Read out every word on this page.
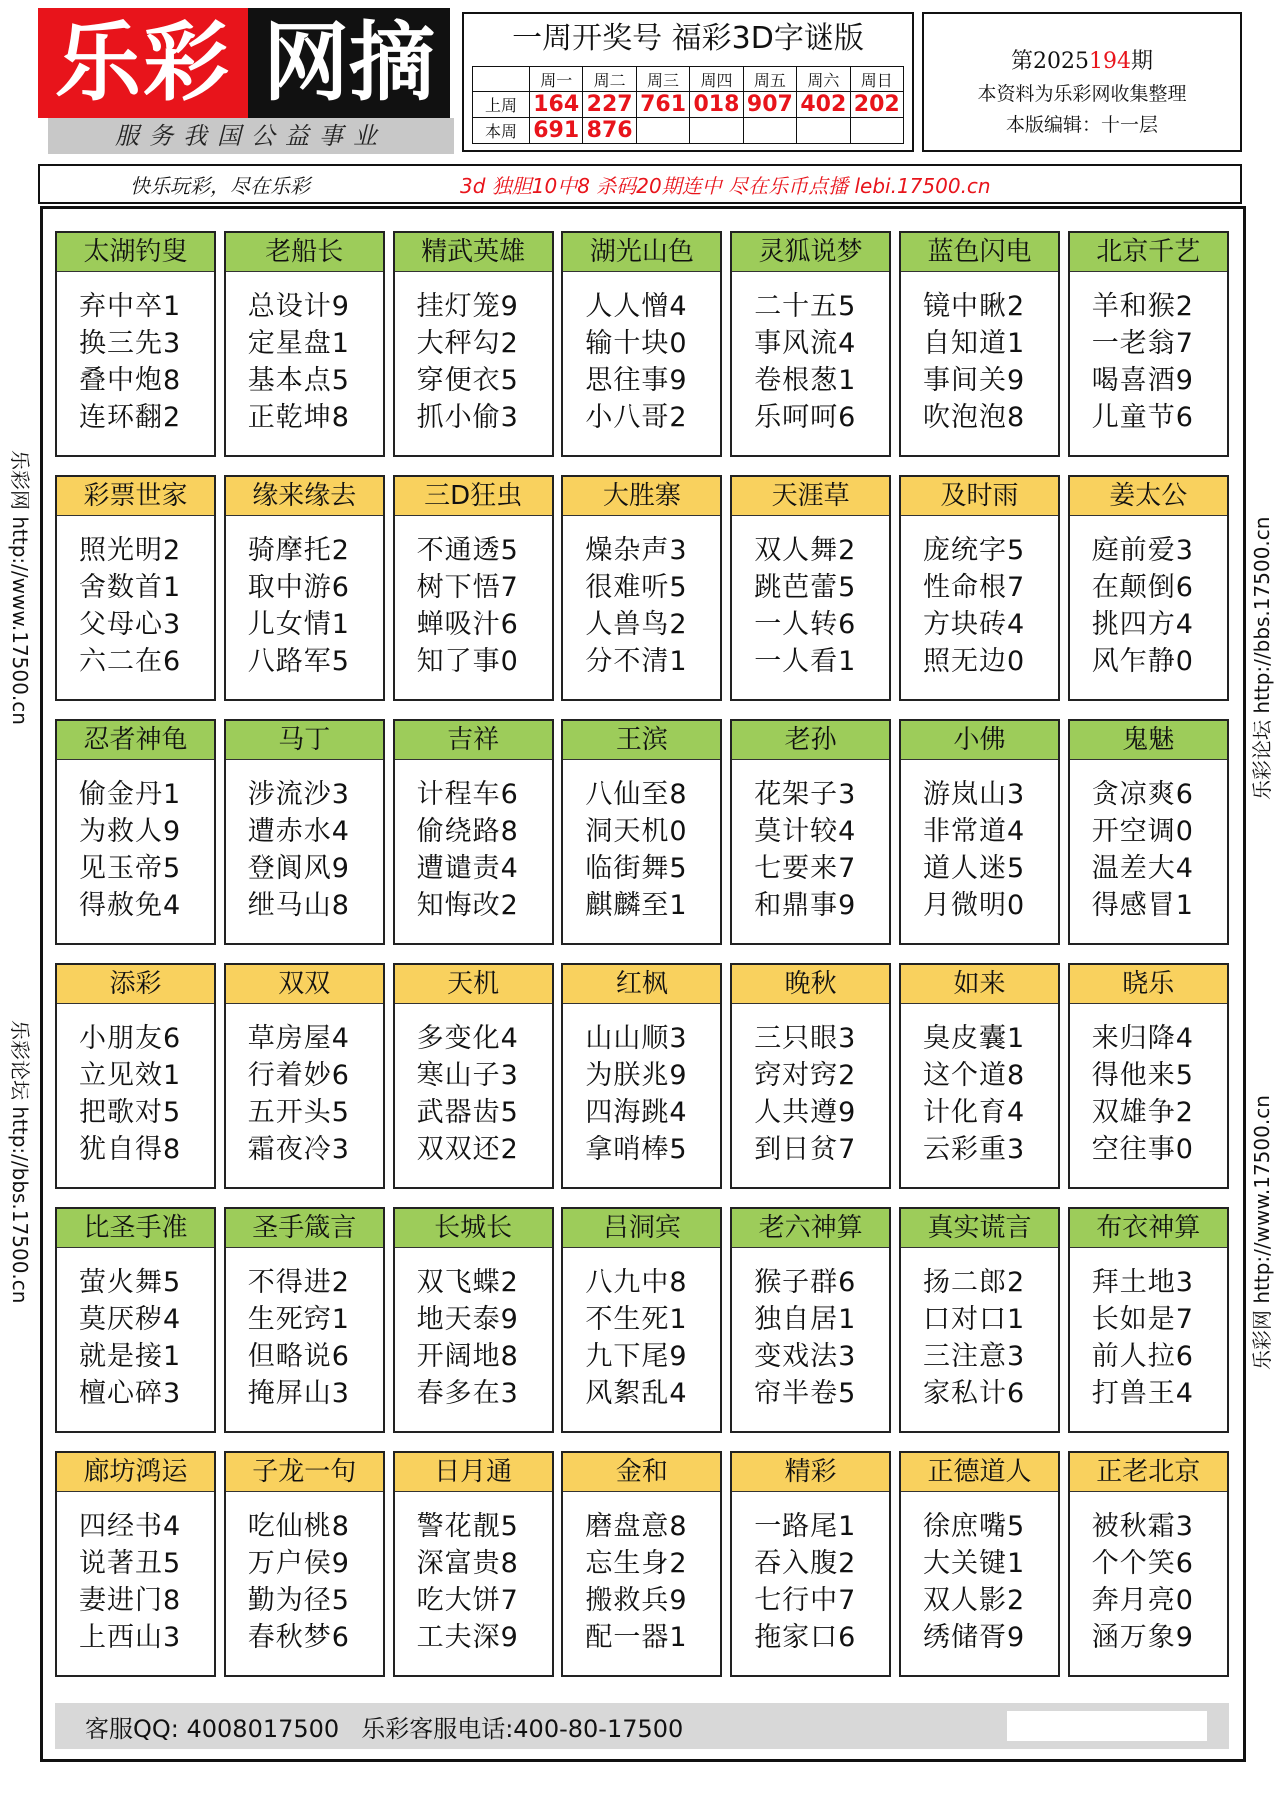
乐彩 网摘
服务我国公益事业
一周开奖号 福彩3D字谜版
	周一	周二	周三	周四	周五	周六	周日
上周	164	227	761	018	907	402	202
本周	691	876					
第2025194期
本资料为乐彩网收集整理
本版编辑：十一层
快乐玩彩，尽在乐彩	3d 独胆10中8 杀码20期连中 尽在乐币点播 lebi.17500.cn
乐彩网 http://www.17500.cn
乐彩论坛 http://bbs.17500.cn
乐彩论坛 http://bbs.17500.cn
乐彩网 http://www.17500.cn
太湖钓叟
弃中卒1
换三先3
叠中炮8
连环翻2
老船长
总设计9
定星盘1
基本点5
正乾坤8
精武英雄
挂灯笼9
大秤勾2
穿便衣5
抓小偷3
湖光山色
人人憎4
输十块0
思往事9
小八哥2
灵狐说梦
二十五5
事风流4
卷根葱1
乐呵呵6
蓝色闪电
镜中瞅2
自知道1
事间关9
吹泡泡8
北京千艺
羊和猴2
一老翁7
喝喜酒9
儿童节6
彩票世家
照光明2
舍数首1
父母心3
六二在6
缘来缘去
骑摩托2
取中游6
儿女情1
八路军5
三D狂虫
不通透5
树下悟7
蝉吸汁6
知了事0
大胜寨
燥杂声3
很难听5
人兽鸟2
分不清1
天涯草
双人舞2
跳芭蕾5
一人转6
一人看1
及时雨
庞统字5
性命根7
方块砖4
照无边0
姜太公
庭前爱3
在颠倒6
挑四方4
风乍静0
忍者神龟
偷金丹1
为救人9
见玉帝5
得赦免4
马丁
涉流沙3
遭赤水4
登阆风9
绁马山8
吉祥
计程车6
偷绕路8
遭谴责4
知悔改2
王滨
八仙至8
洞天机0
临街舞5
麒麟至1
老孙
花架子3
莫计较4
七要来7
和鼎事9
小佛
游岚山3
非常道4
道人迷5
月微明0
鬼魅
贪凉爽6
开空调0
温差大4
得感冒1
添彩
小朋友6
立见效1
把歌对5
犹自得8
双双
草房屋4
行着妙6
五开头5
霜夜冷3
天机
多变化4
寒山子3
武器齿5
双双还2
红枫
山山顺3
为朕兆9
四海跳4
拿哨棒5
晚秋
三只眼3
窍对窍2
人共遵9
到日贫7
如来
臭皮囊1
这个道8
计化育4
云彩重3
晓乐
来归降4
得他来5
双雄争2
空往事0
比圣手准
萤火舞5
莫厌秽4
就是接1
檀心碎3
圣手箴言
不得进2
生死窍1
但略说6
掩屏山3
长城长
双飞蝶2
地天泰9
开阔地8
春多在3
吕洞宾
八九中8
不生死1
九下尾9
风絮乱4
老六神算
猴子群6
独自居1
变戏法3
帘半卷5
真实谎言
扬二郎2
口对口1
三注意3
家私计6
布衣神算
拜土地3
长如是7
前人拉6
打兽王4
廊坊鸿运
四经书4
说著丑5
妻进门8
上西山3
子龙一句
吃仙桃8
万户侯9
勤为径5
春秋梦6
日月通
警花靓5
深富贵8
吃大饼7
工夫深9
金和
磨盘意8
忘生身2
搬救兵9
配一器1
精彩
一路尾1
吞入腹2
七行中7
拖家口6
正德道人
徐庶嘴5
大关键1
双人影2
绣储胥9
正老北京
被秋霜3
个个笑6
奔月亮0
涵万象9
客服QQ: 4008017500 乐彩客服电话:400-80-17500
